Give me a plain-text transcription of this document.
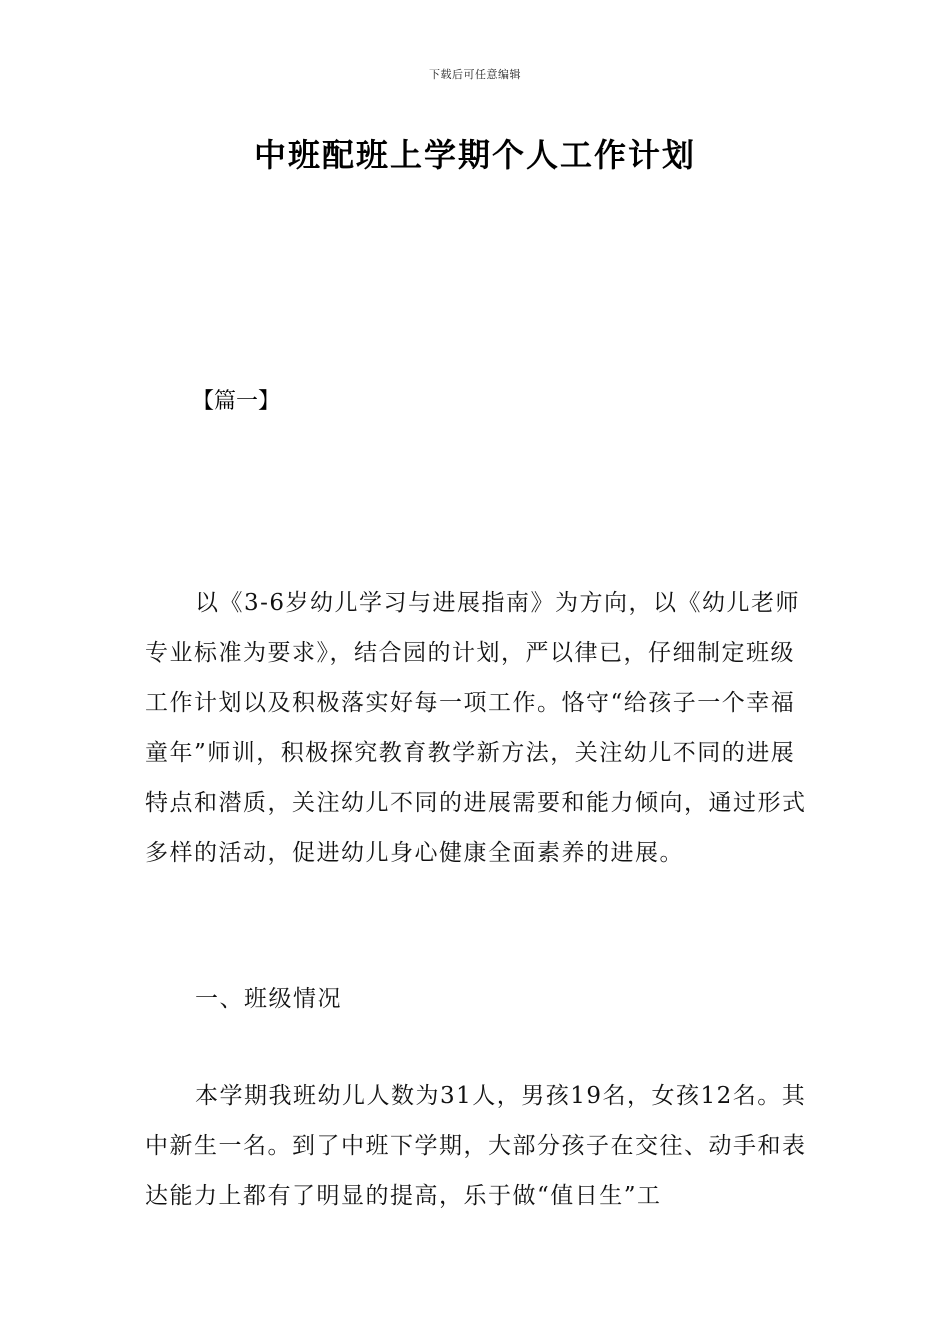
下载后可任意编辑
中班配班上学期个人工作计划
【篇一】

以《3-6岁幼儿学习与进展指南》为方向，以《幼儿老师专业标准为要求》，结合园的计划，严以律已，仔细制定班级工作计划以及积极落实好每一项工作。恪守“给孩子一个幸福童年”师训，积极探究教育教学新方法，关注幼儿不同的进展特点和潜质，关注幼儿不同的进展需要和能力倾向，通过形式多样的活动，促进幼儿身心健康全面素养的进展。

一、班级情况

本学期我班幼儿人数为31人，男孩19名，女孩12名。其中新生一名。到了中班下学期，大部分孩子在交往、动手和表达能力上都有了明显的提高，乐于做“值日生”工
